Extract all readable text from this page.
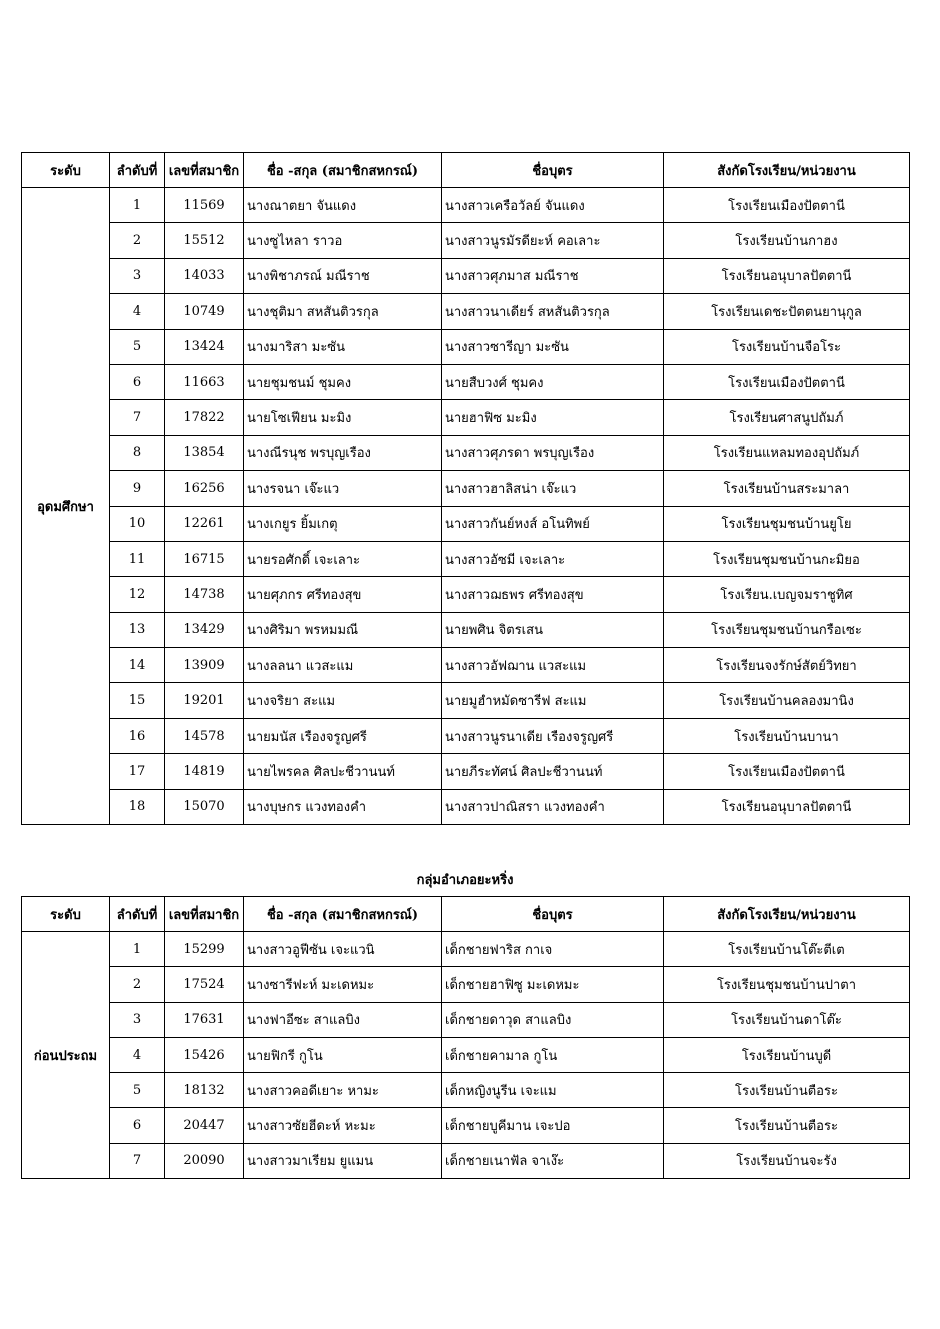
ระดับ	ลำดับที่	เลขที่สมาชิก	ชื่อ -สกุล (สมาชิกสหกรณ์)	ชื่อบุตร	สังกัดโรงเรียน/หน่วยงาน
อุดมศึกษา	1	11569	นางณาตยา จันแดง	นางสาวเครือวัลย์ จันแดง	โรงเรียนเมืองปัตตานี
	2	15512	นางซูไหลา ราวอ	นางสาวนูรมัรดียะห์ คอเลาะ	โรงเรียนบ้านกาฮง
	3	14033	นางพิชาภรณ์ มณีราช	นางสาวศุภมาส มณีราช	โรงเรียนอนุบาลปัตตานี
	4	10749	นางชุติมา สหสันติวรกุล	นางสาวนาเดียร์ สหสันติวรกุล	โรงเรียนเดชะปัตตนยานุกูล
	5	13424	นางมาริสา มะซัน	นางสาวซารีญา มะซัน	โรงเรียนบ้านจือโระ
	6	11663	นายชุมชนม์ ชุมคง	นายสืบวงศ์ ชุมคง	โรงเรียนเมืองปัตตานี
	7	17822	นายโซเฟียน มะมิง	นายฮาฟิซ มะมิง	โรงเรียนศาสนูปถัมภ์
	8	13854	นางณีรนุช พรบุญเรือง	นางสาวศุภรดา พรบุญเรือง	โรงเรียนแหลมทองอุปถัมภ์
	9	16256	นางรจนา เจ๊ะแว	นางสาวฮาลิสน่า เจ๊ะแว	โรงเรียนบ้านสระมาลา
	10	12261	นางเกยูร ยิ้มเกตุ	นางสาวกันย์หงส์ อโนทิพย์	โรงเรียนชุมชนบ้านยูโย
	11	16715	นายรอศักดิ์ เจะเลาะ	นางสาวอัซมี เจะเลาะ	โรงเรียนชุมชนบ้านกะมิยอ
	12	14738	นายศุภกร ศรีทองสุข	นางสาวฌธพร ศรีทองสุข	โรงเรียน.เบญจมราชูทิศ
	13	13429	นางศิริมา พรหมมณี	นายพศิน จิตรเสน	โรงเรียนชุมชนบ้านกรือเซะ
	14	13909	นางลลนา แวสะแม	นางสาวอัฟฌาน แวสะแม	โรงเรียนจงรักษ์สัตย์วิทยา
	15	19201	นางจริยา สะแม	นายมูฮำหมัดซารีฟ สะแม	โรงเรียนบ้านคลองมานิง
	16	14578	นายมนัส เรืองจรูญศรี	นางสาวนูรนาเดีย เรืองจรูญศรี	โรงเรียนบ้านบานา
	17	14819	นายไพรคล ศิลปะชีวานนท์	นายภีระทัศน์ ศิลปะชีวานนท์	โรงเรียนเมืองปัตตานี
	18	15070	นางบุษกร แวงทองคำ	นางสาวปาณิสรา แวงทองคำ	โรงเรียนอนุบาลปัตตานี
กลุ่มอำเภอยะหริ่ง
ระดับ	ลำดับที่	เลขที่สมาชิก	ชื่อ -สกุล (สมาชิกสหกรณ์)	ชื่อบุตร	สังกัดโรงเรียน/หน่วยงาน
ก่อนประถม	1	15299	นางสาวอูฟีซัน เจะแวนิ	เด็กชายฟาริส กาเจ	โรงเรียนบ้านโต๊ะตีเต
	2	17524	นางซารีฟะห์ มะเดหมะ	เด็กชายฮาฟิซู มะเดหมะ	โรงเรียนชุมชนบ้านปาตา
	3	17631	นางฟาอีซะ สาแลบิง	เด็กชายดาวุด สาแลบิง	โรงเรียนบ้านดาโต๊ะ
	4	15426	นายฟิกรี กูโน	เด็กชายคามาล กูโน	โรงเรียนบ้านบูดี
	5	18132	นางสาวคอดีเยาะ หามะ	เด็กหญิงนูรีน เจะแม	โรงเรียนบ้านตือระ
	6	20447	นางสาวซัยฮีดะห์ หะมะ	เด็กชายบูคีมาน เจะปอ	โรงเรียนบ้านตือระ
	7	20090	นางสาวมาเรียม ยูแมน	เด็กชายเนาฟัล จาเง๊ะ	โรงเรียนบ้านจะรัง
